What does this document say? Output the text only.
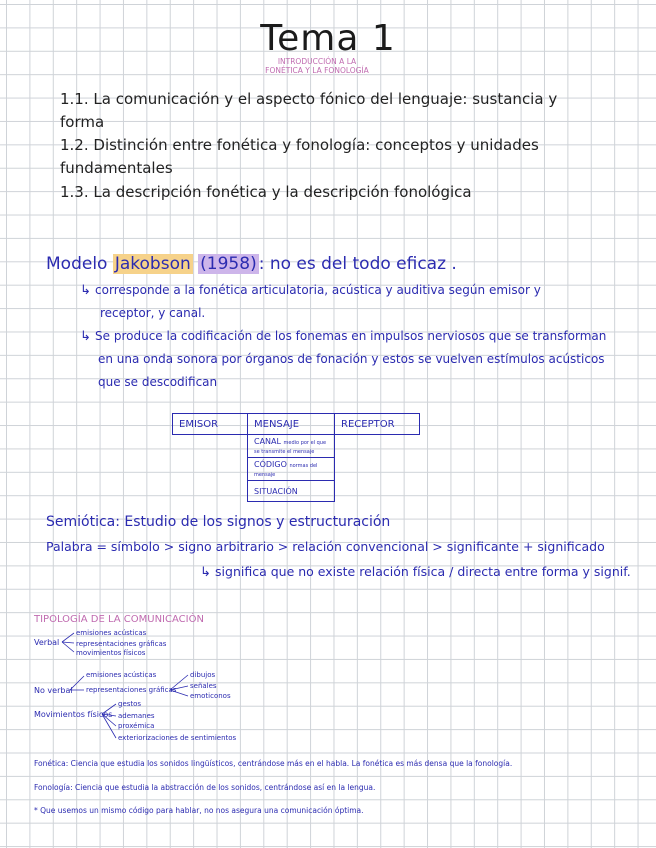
Tema 1
INTRODUCCIÓN A LA FONÉTICA Y LA FONOLOGÍA
1.1. La comunicación y el aspecto fónico del lenguaje: sustancia y
forma
1.2. Distinción entre fonética y fonología: conceptos y unidades
fundamentales
1.3. La descripción fonética y la descripción fonológica
Modelo Jakobson (1958) : no es del todo eficaz .
↳ corresponde a la fonética articulatoria, acústica y auditiva según emisor y
receptor, y canal.
↳ Se produce la codificación de los fonemas en impulsos nerviosos que se transforman
en una onda sonora por órganos de fonación y estos se vuelven estímulos acústicos
que se descodifican
EMISOR	MENSAJE	RECEPTOR
	CANAL medio por el que se transmite el mensaje	
	CÓDIGO normas del mensaje	
	SITUACIÓN	
Semiótica: Estudio de los signos y estructuración
Palabra = símbolo > signo arbitrario > relación convencional > significante + significado
↳ significa que no existe relación física / directa entre forma y signif.
TIPOLOGÍA DE LA COMUNICACIÓN
Verbal
emisiones acústicas
representaciones gráficas
movimientos físicos
No verbal
emisiones acústicas
representaciones gráficas
dibujos
señales
emoticonos
Movimientos físicos
gestos
ademanes
proxémica
exteriorizaciones de sentimientos
Fonética: Ciencia que estudia los sonidos lingüísticos, centrándose más en el habla. La fonética es más densa que la fonología.
Fonología: Ciencia que estudia la abstracción de los sonidos, centrándose así en la lengua.
* Que usemos un mismo código para hablar, no nos asegura una comunicación óptima.
